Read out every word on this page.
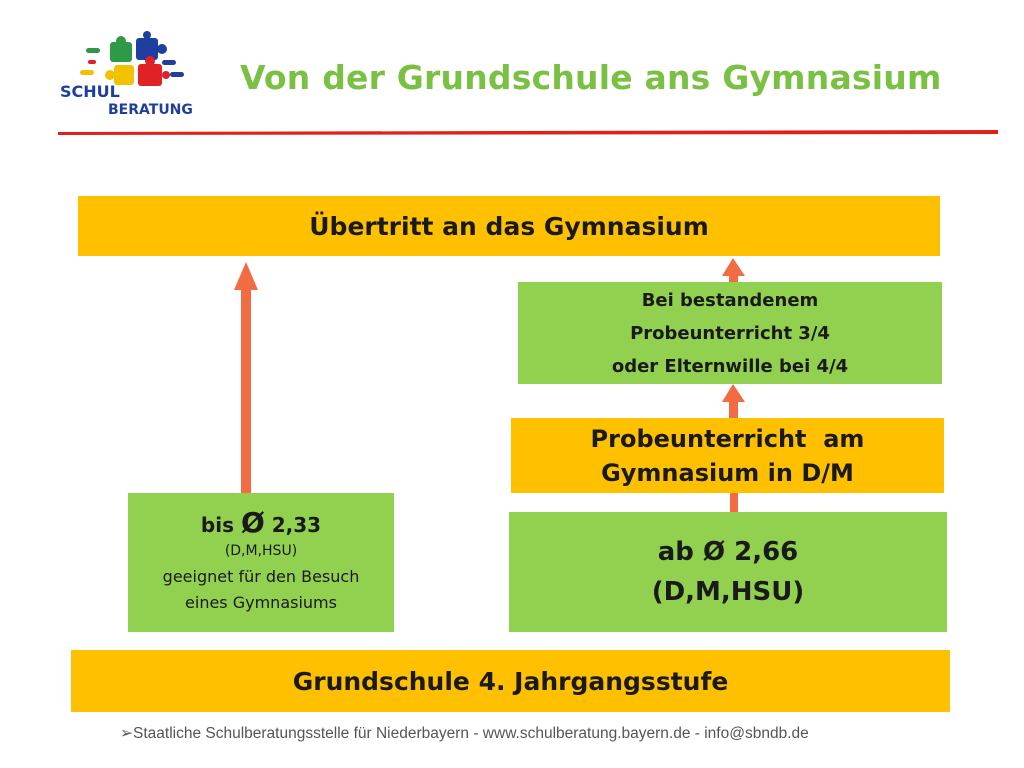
SCHUL
BERATUNG
Von der Grundschule ans Gymnasium
Übertritt an das Gymnasium
Bei bestandenem
Probeunterricht 3/4
oder Elternwille bei 4/4
Probeunterricht  am
Gymnasium in D/M
bis Ø 2,33
(D,M,HSU)
geeignet für den Besuch
eines Gymnasiums
ab Ø 2,66
(D,M,HSU)
Grundschule 4. Jahrgangsstufe
➢Staatliche Schulberatungsstelle für Niederbayern - www.schulberatung.bayern.de - info@sbndb.de
